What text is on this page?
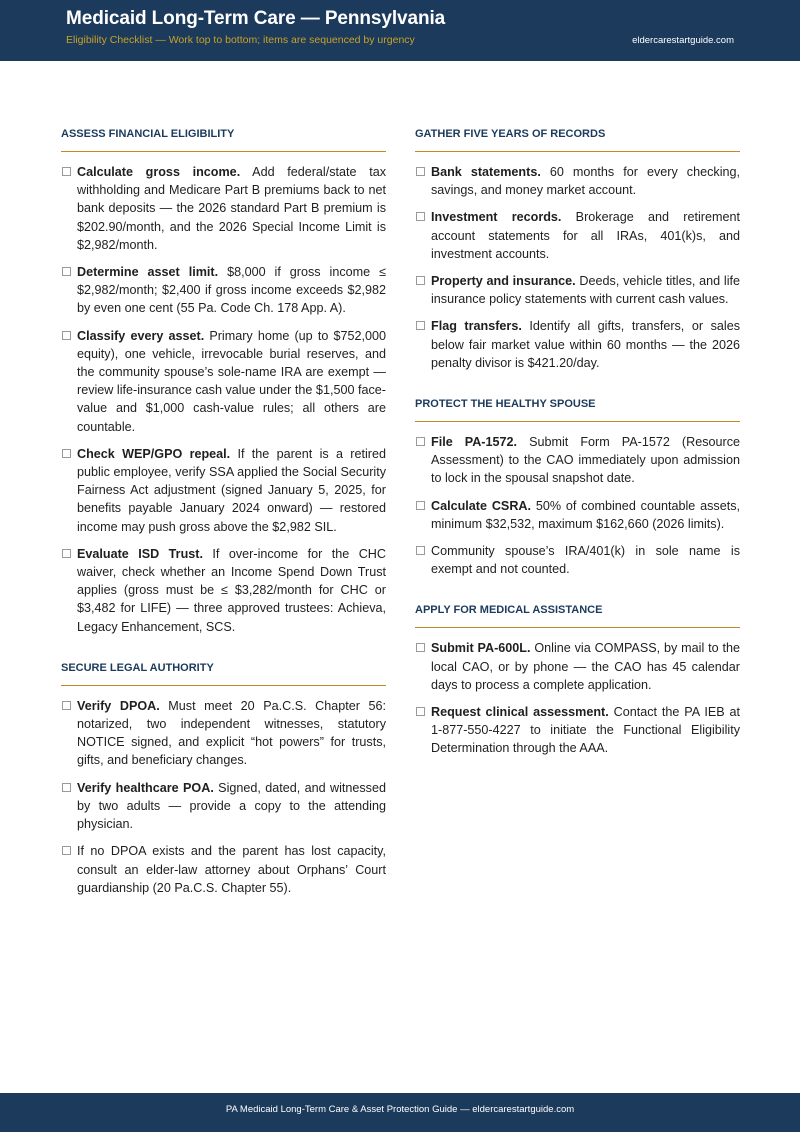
Medicaid Long-Term Care — Pennsylvania
Eligibility Checklist — Work top to bottom; items are sequenced by urgency	eldercarestartguide.com
ASSESS FINANCIAL ELIGIBILITY
Calculate gross income. Add federal/state tax withholding and Medicare Part B premiums back to net bank deposits — the 2026 standard Part B premium is $202.90/month, and the 2026 Special Income Limit is $2,982/month.
Determine asset limit. $8,000 if gross income ≤ $2,982/month; $2,400 if gross income exceeds $2,982 by even one cent (55 Pa. Code Ch. 178 App. A).
Classify every asset. Primary home (up to $752,000 equity), one vehicle, irrevocable burial reserves, and the community spouse’s sole-name IRA are exempt — review life-insurance cash value under the $1,500 face-value and $1,000 cash-value rules; all others are countable.
Check WEP/GPO repeal. If the parent is a retired public employee, verify SSA applied the Social Security Fairness Act adjustment (signed January 5, 2025, for benefits payable January 2024 onward) — restored income may push gross above the $2,982 SIL.
Evaluate ISD Trust. If over-income for the CHC waiver, check whether an Income Spend Down Trust applies (gross must be ≤ $3,282/month for CHC or $3,482 for LIFE) — three approved trustees: Achieva, Legacy Enhancement, SCS.
SECURE LEGAL AUTHORITY
Verify DPOA. Must meet 20 Pa.C.S. Chapter 56: notarized, two independent witnesses, statutory NOTICE signed, and explicit “hot powers” for trusts, gifts, and beneficiary changes.
Verify healthcare POA. Signed, dated, and witnessed by two adults — provide a copy to the attending physician.
If no DPOA exists and the parent has lost capacity, consult an elder-law attorney about Orphans’ Court guardianship (20 Pa.C.S. Chapter 55).
GATHER FIVE YEARS OF RECORDS
Bank statements. 60 months for every checking, savings, and money market account.
Investment records. Brokerage and retirement account statements for all IRAs, 401(k)s, and investment accounts.
Property and insurance. Deeds, vehicle titles, and life insurance policy statements with current cash values.
Flag transfers. Identify all gifts, transfers, or sales below fair market value within 60 months — the 2026 penalty divisor is $421.20/day.
PROTECT THE HEALTHY SPOUSE
File PA-1572. Submit Form PA-1572 (Resource Assessment) to the CAO immediately upon admission to lock in the spousal snapshot date.
Calculate CSRA. 50% of combined countable assets, minimum $32,532, maximum $162,660 (2026 limits).
Community spouse’s IRA/401(k) in sole name is exempt and not counted.
APPLY FOR MEDICAL ASSISTANCE
Submit PA-600L. Online via COMPASS, by mail to the local CAO, or by phone — the CAO has 45 calendar days to process a complete application.
Request clinical assessment. Contact the PA IEB at 1-877-550-4227 to initiate the Functional Eligibility Determination through the AAA.
PA Medicaid Long-Term Care & Asset Protection Guide — eldercarestartguide.com
